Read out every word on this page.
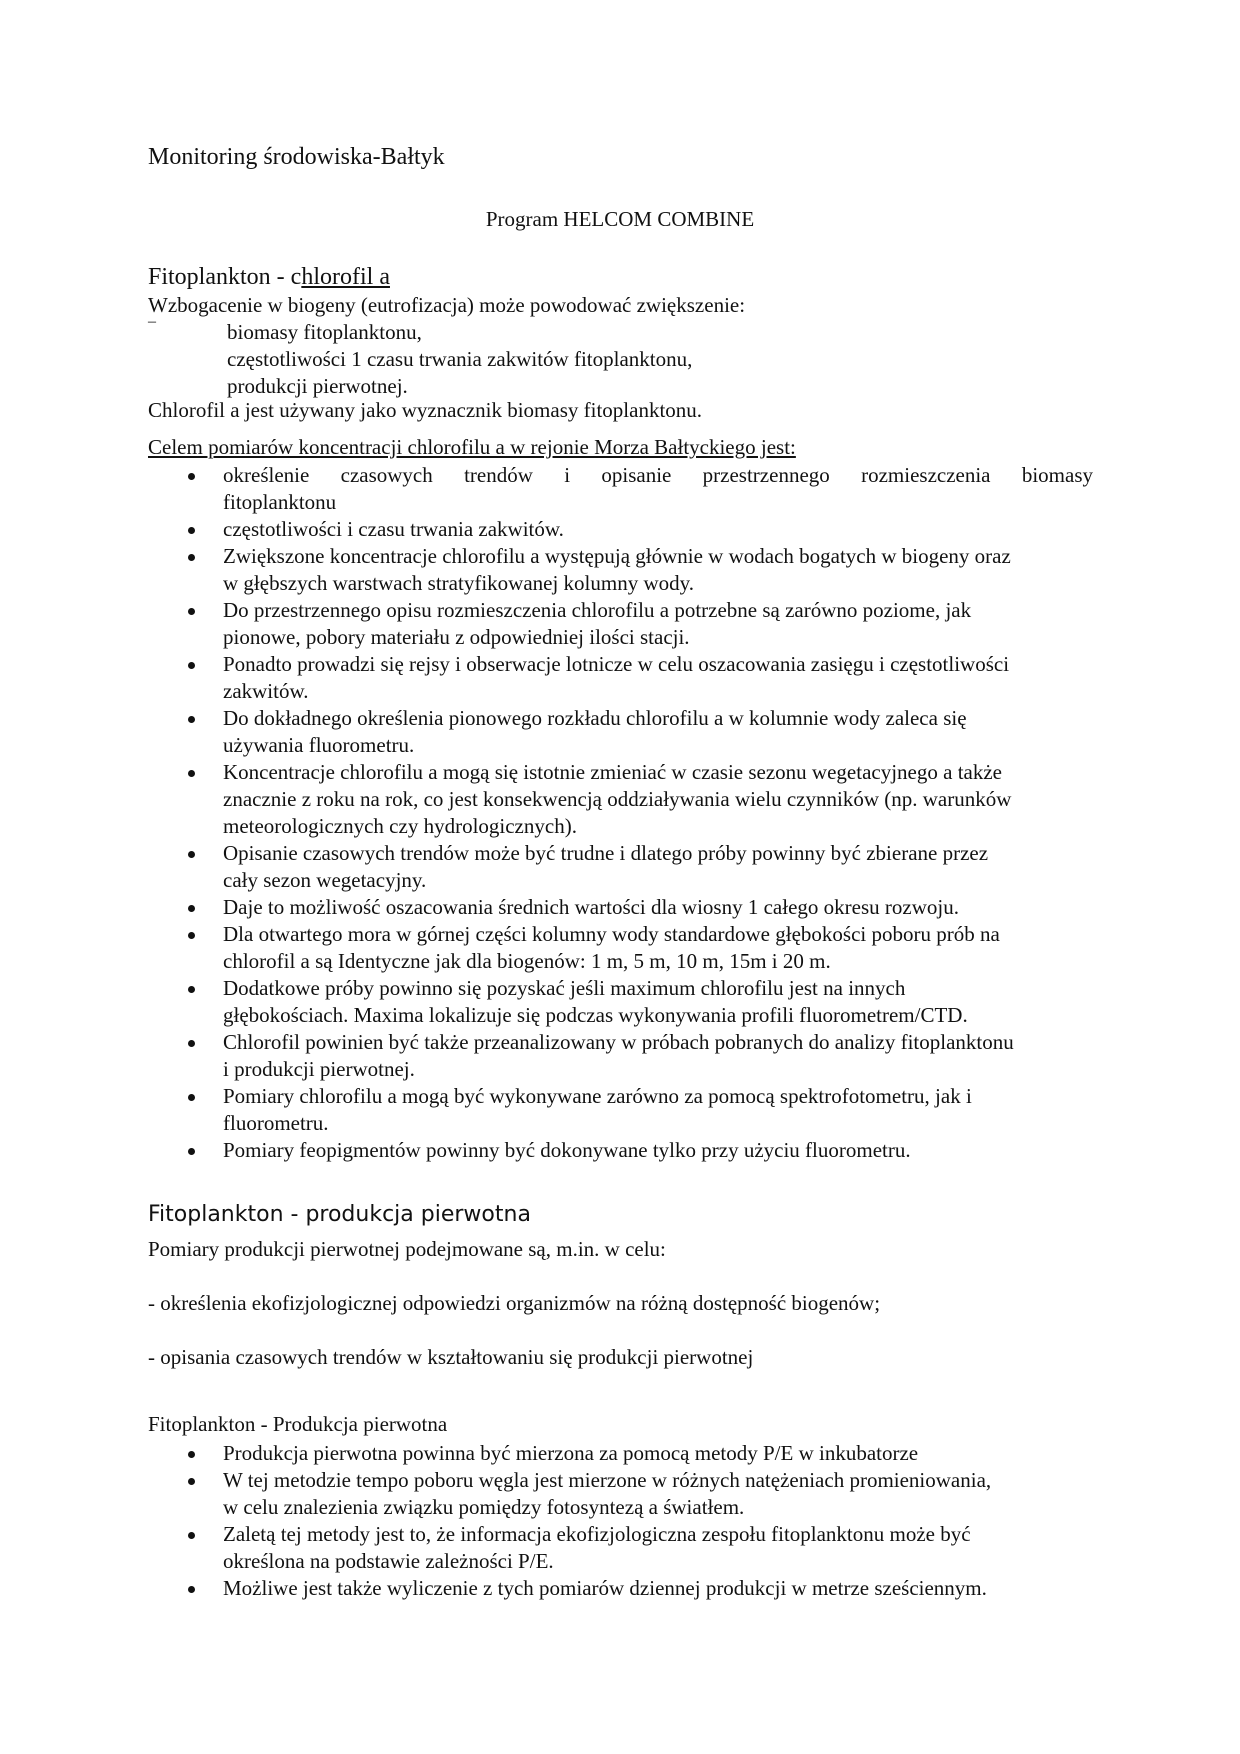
Monitoring środowiska-Bałtyk

Program HELCOM COMBINE

Fitoplankton - chlorofil a

Wzbogacenie w biogeny (eutrofizacja) może powodować zwiększenie:

–	biomasy fitoplanktonu,

częstotliwości 1 czasu trwania zakwitów fitoplanktonu,

produkcji pierwotnej.

Chlorofil a jest używany jako wyznacznik biomasy fitoplanktonu.

Celem pomiarów koncentracji chlorofilu a w rejonie Morza Bałtyckiego jest:

określenie czasowych trendów i opisanie przestrzennego rozmieszczenia biomasy
fitoplanktonu
częstotliwości i czasu trwania zakwitów.
Zwiększone koncentracje chlorofilu a występują głównie w wodach bogatych w biogeny oraz
w głębszych warstwach stratyfikowanej kolumny wody.
Do przestrzennego opisu rozmieszczenia chlorofilu a potrzebne są zarówno poziome, jak
pionowe, pobory materiału z odpowiedniej ilości stacji.
Ponadto prowadzi się rejsy i obserwacje lotnicze w celu oszacowania zasięgu i częstotliwości
zakwitów.
Do dokładnego określenia pionowego rozkładu chlorofilu a w kolumnie wody zaleca się
używania fluorometru.
Koncentracje chlorofilu a mogą się istotnie zmieniać w czasie sezonu wegetacyjnego a także
znacznie z roku na rok, co jest konsekwencją oddziaływania wielu czynników (np. warunków
meteorologicznych czy hydrologicznych).
Opisanie czasowych trendów może być trudne i dlatego próby powinny być zbierane przez
cały sezon wegetacyjny.
Daje to możliwość oszacowania średnich wartości dla wiosny 1 całego okresu rozwoju.
Dla otwartego mora w górnej części kolumny wody standardowe głębokości poboru prób na
chlorofil a są Identyczne jak dla biogenów: 1 m, 5 m, 10 m, 15m i 20 m.
Dodatkowe próby powinno się pozyskać jeśli maximum chlorofilu jest na innych
głębokościach. Maxima lokalizuje się podczas wykonywania profili fluorometrem/CTD.
Chlorofil powinien być także przeanalizowany w próbach pobranych do analizy fitoplanktonu
i produkcji pierwotnej.
Pomiary chlorofilu a mogą być wykonywane zarówno za pomocą spektrofotometru, jak i
fluorometru.
Pomiary feopigmentów powinny być dokonywane tylko przy użyciu fluorometru.

Fitoplankton - produkcja pierwotna

Pomiary produkcji pierwotnej podejmowane są, m.in. w celu:

- określenia ekofizjologicznej odpowiedzi organizmów na różną dostępność biogenów;

- opisania czasowych trendów w kształtowaniu się produkcji pierwotnej

Fitoplankton - Produkcja pierwotna

Produkcja pierwotna powinna być mierzona za pomocą metody P/E w inkubatorze
W tej metodzie tempo poboru węgla jest mierzone w różnych natężeniach promieniowania,
w celu znalezienia związku pomiędzy fotosyntezą a światłem.
Zaletą tej metody jest to, że informacja ekofizjologiczna zespołu fitoplanktonu może być
określona na podstawie zależności P/E.
Możliwe jest także wyliczenie z tych pomiarów dziennej produkcji w metrze sześciennym.
